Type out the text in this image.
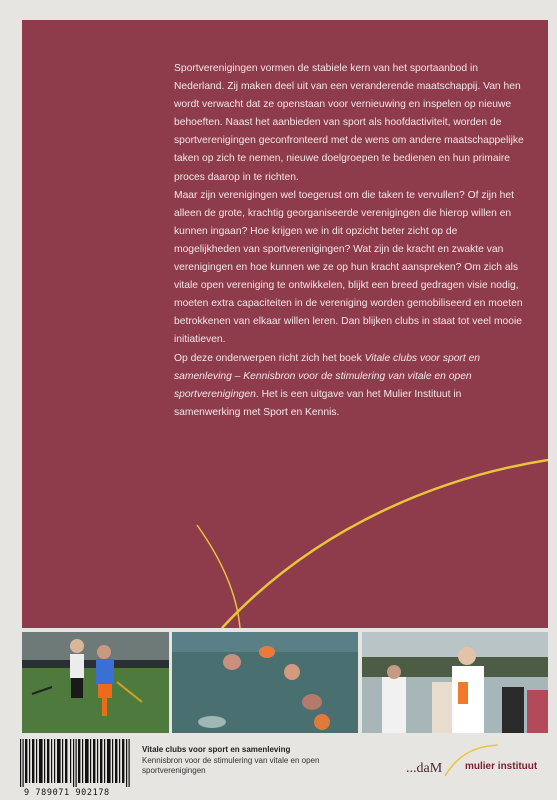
Sportverenigingen vormen de stabiele kern van het sportaanbod in Nederland. Zij maken deel uit van een veranderende maatschappij. Van hen wordt verwacht dat ze openstaan voor vernieuwing en inspelen op nieuwe behoeften. Naast het aanbieden van sport als hoofdactiviteit, worden de sportverenigingen geconfronteerd met de wens om andere maatschappelijke taken op zich te nemen, nieuwe doelgroepen te bedienen en hun primaire proces daarop in te richten.

Maar zijn verenigingen wel toegerust om die taken te vervullen? Of zijn het alleen de grote, krachtig georganiseerde verenigingen die hierop willen en kunnen ingaan? Hoe krijgen we in dit opzicht beter zicht op de mogelijkheden van sportverenigingen? Wat zijn de kracht en zwakte van verenigingen en hoe kunnen we ze op hun kracht aanspreken? Om zich als vitale open vereniging te ontwikkelen, blijkt een breed gedragen visie nodig, moeten extra capaciteiten in de vereniging worden gemobiliseerd en moeten betrokkenen van elkaar willen leren. Dan blijken clubs in staat tot veel mooie initiatieven.

Op deze onderwerpen richt zich het boek Vitale clubs voor sport en samenleving – Kennisbron voor de stimulering van vitale en open sportverenigingen. Het is een uitgave van het Mulier Instituut in samenwerking met Sport en Kennis.

9 789071 902178
Vitale clubs voor sport en samenleving
Kennisbron voor de stimulering van vitale en open sportverenigingen	...daM mulier instituut
